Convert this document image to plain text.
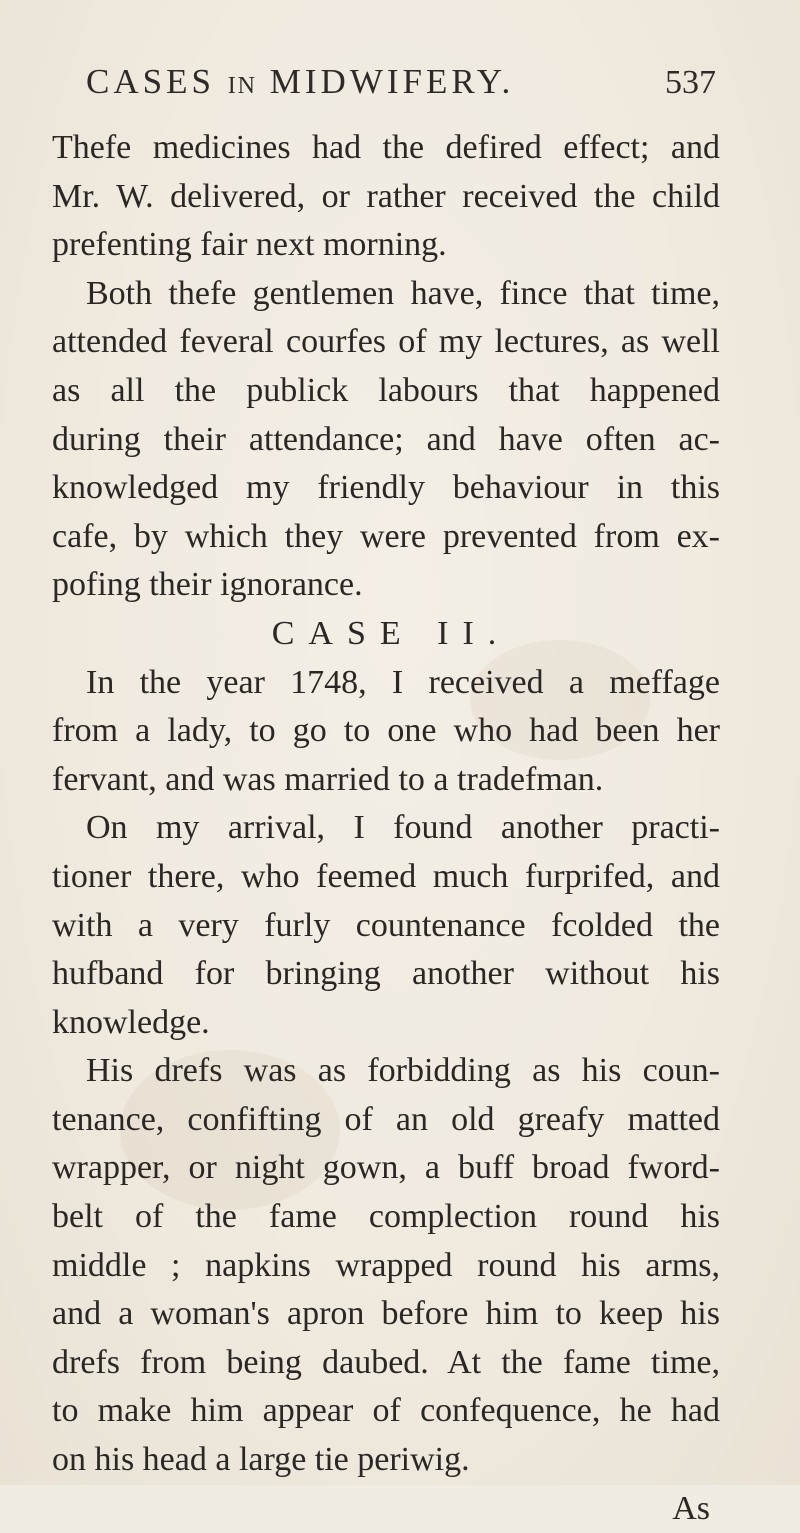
CASES IN MIDWIFERY.	537
Thefe medicines had the defired effect; and
Mr. W. delivered, or rather received the child
prefenting fair next morning.
Both thefe gentlemen have, fince that time,
attended feveral courfes of my lectures, as well
as all the publick labours that happened
during their attendance; and have often ac-
knowledged my friendly behaviour in this
cafe, by which they were prevented from ex-
pofing their ignorance.
CASE II.
In the year 1748, I received a meffage
from a lady, to go to one who had been her
fervant, and was married to a tradefman.
On my arrival, I found another practi-
tioner there, who feemed much furprifed, and
with a very furly countenance fcolded the
hufband for bringing another without his
knowledge.
His drefs was as forbidding as his coun-
tenance, confifting of an old greafy matted
wrapper, or night gown, a buff broad fword-
belt of the fame complection round his
middle ; napkins wrapped round his arms,
and a woman's apron before him to keep his
drefs from being daubed. At the fame time,
to make him appear of confequence, he had
on his head a large tie periwig.
As
